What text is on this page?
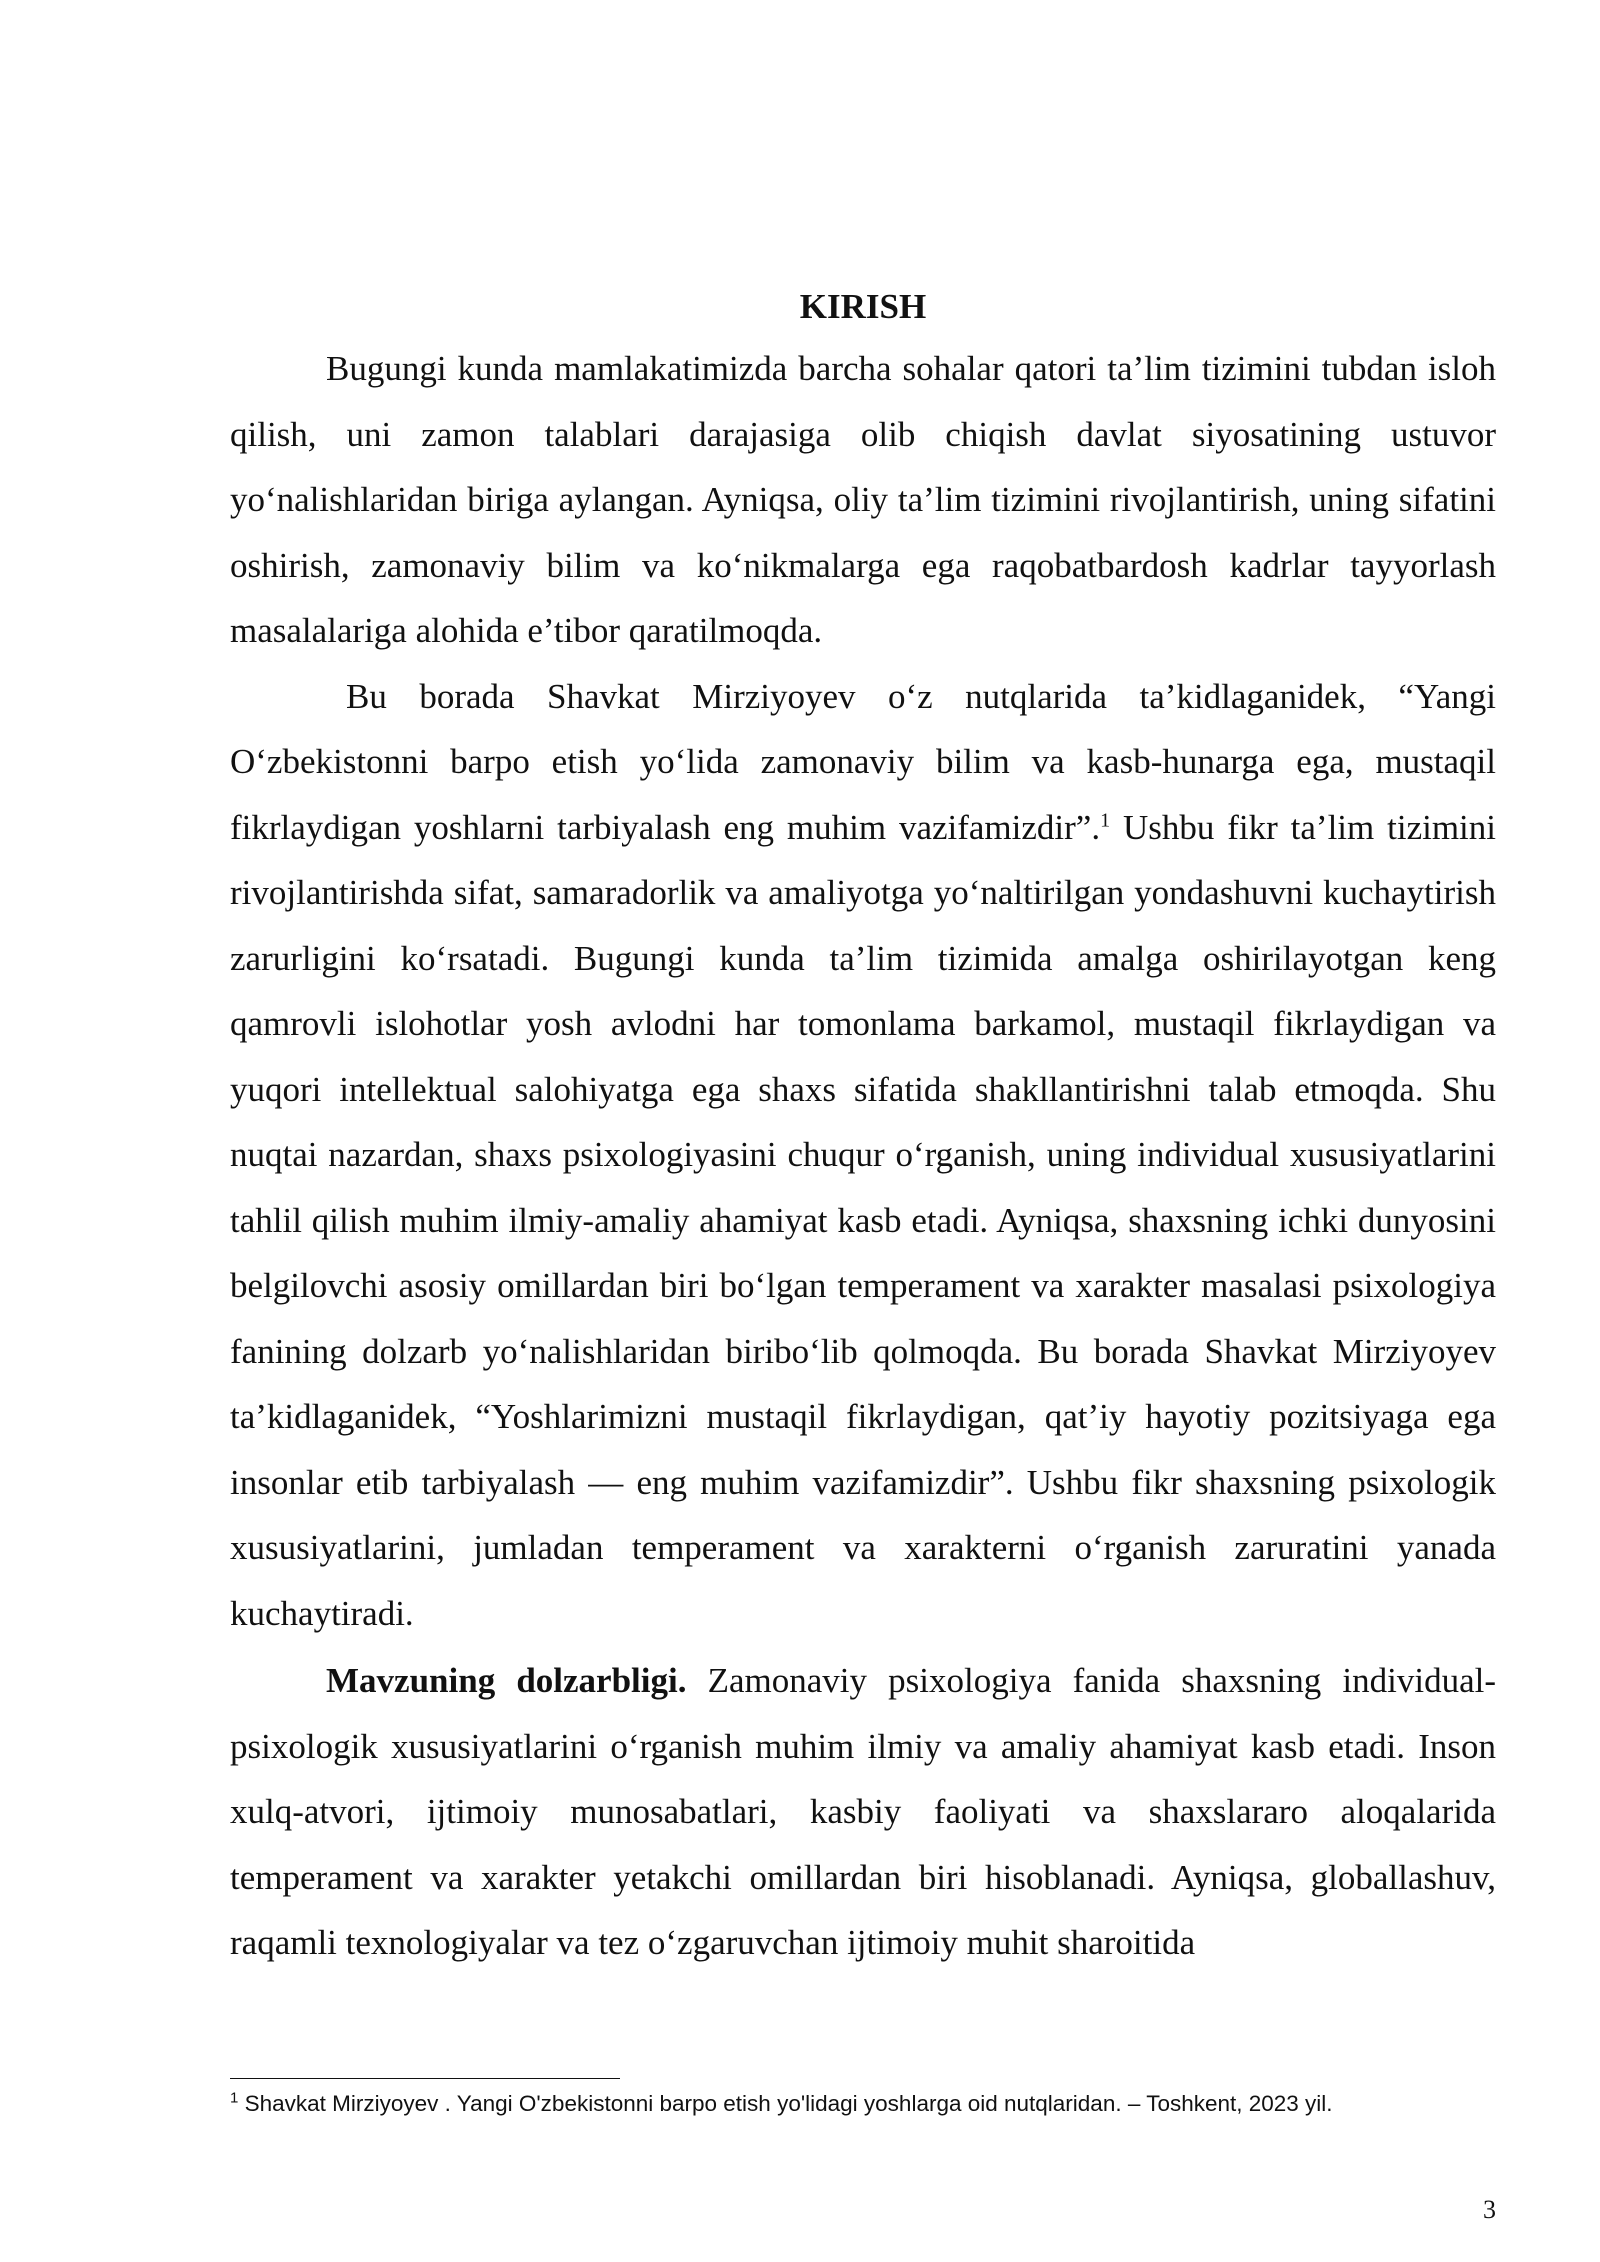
KIRISH

Bugungi kunda mamlakatimizda barcha sohalar qatori ta’lim tizimini tubdan isloh qilish, uni zamon talablari darajasiga olib chiqish davlat siyosatining ustuvor yo‘nalishlaridan biriga aylangan. Ayniqsa, oliy ta’lim tizimini rivojlantirish, uning sifatini oshirish, zamonaviy bilim va ko‘nikmalarga ega raqobatbardosh kadrlar tayyorlash masalalariga alohida e’tibor qaratilmoqda.

Bu borada Shavkat Mirziyoyev o‘z nutqlarida ta’kidlaganidek, “Yangi O‘zbekistonni barpo etish yo‘lida zamonaviy bilim va kasb-hunarga ega, mustaqil fikrlaydigan yoshlarni tarbiyalash eng muhim vazifamizdir”.$^1$ Ushbu fikr ta’lim tizimini rivojlantirishda sifat, samaradorlik va amaliyotga yo‘naltirilgan yondashuvni kuchaytirish zarurligini ko‘rsatadi. Bugungi kunda ta’lim tizimida amalga oshirilayotgan keng qamrovli islohotlar yosh avlodni har tomonlama barkamol, mustaqil fikrlaydigan va yuqori intellektual salohiyatga ega shaxs sifatida shakllantirishni talab etmoqda. Shu nuqtai nazardan, shaxs psixologiyasini chuqur o‘rganish, uning individual xususiyatlarini tahlil qilish muhim ilmiy-amaliy ahamiyat kasb etadi. Ayniqsa, shaxsning ichki dunyosini belgilovchi asosiy omillardan biri bo‘lgan temperament va xarakter masalasi psixologiya fanining dolzarb yo‘nalishlaridan biribo‘lib qolmoqda. Bu borada Shavkat Mirziyoyev ta’kidlaganidek, “Yoshlarimizni mustaqil fikrlaydigan, qat’iy hayotiy pozitsiyaga ega insonlar etib tarbiyalash — eng muhim vazifamizdir”. Ushbu fikr shaxsning psixologik xususiyatlarini, jumladan temperament va xarakterni o‘rganish zaruratini yanada kuchaytiradi.

Mavzuning dolzarbligi. Zamonaviy psixologiya fanida shaxsning individual-psixologik xususiyatlarini o‘rganish muhim ilmiy va amaliy ahamiyat kasb etadi. Inson xulq-atvori, ijtimoiy munosabatlari, kasbiy faoliyati va shaxslararo aloqalarida temperament va xarakter yetakchi omillardan biri hisoblanadi. Ayniqsa, globallashuv, raqamli texnologiyalar va tez o‘zgaruvchan ijtimoiy muhit sharoitida

$^1$ Shavkat Mirziyoyev . Yangi O'zbekistonni barpo etish yo'lidagi yoshlarga oid nutqlaridan. – Toshkent, 2023 yil.
3
